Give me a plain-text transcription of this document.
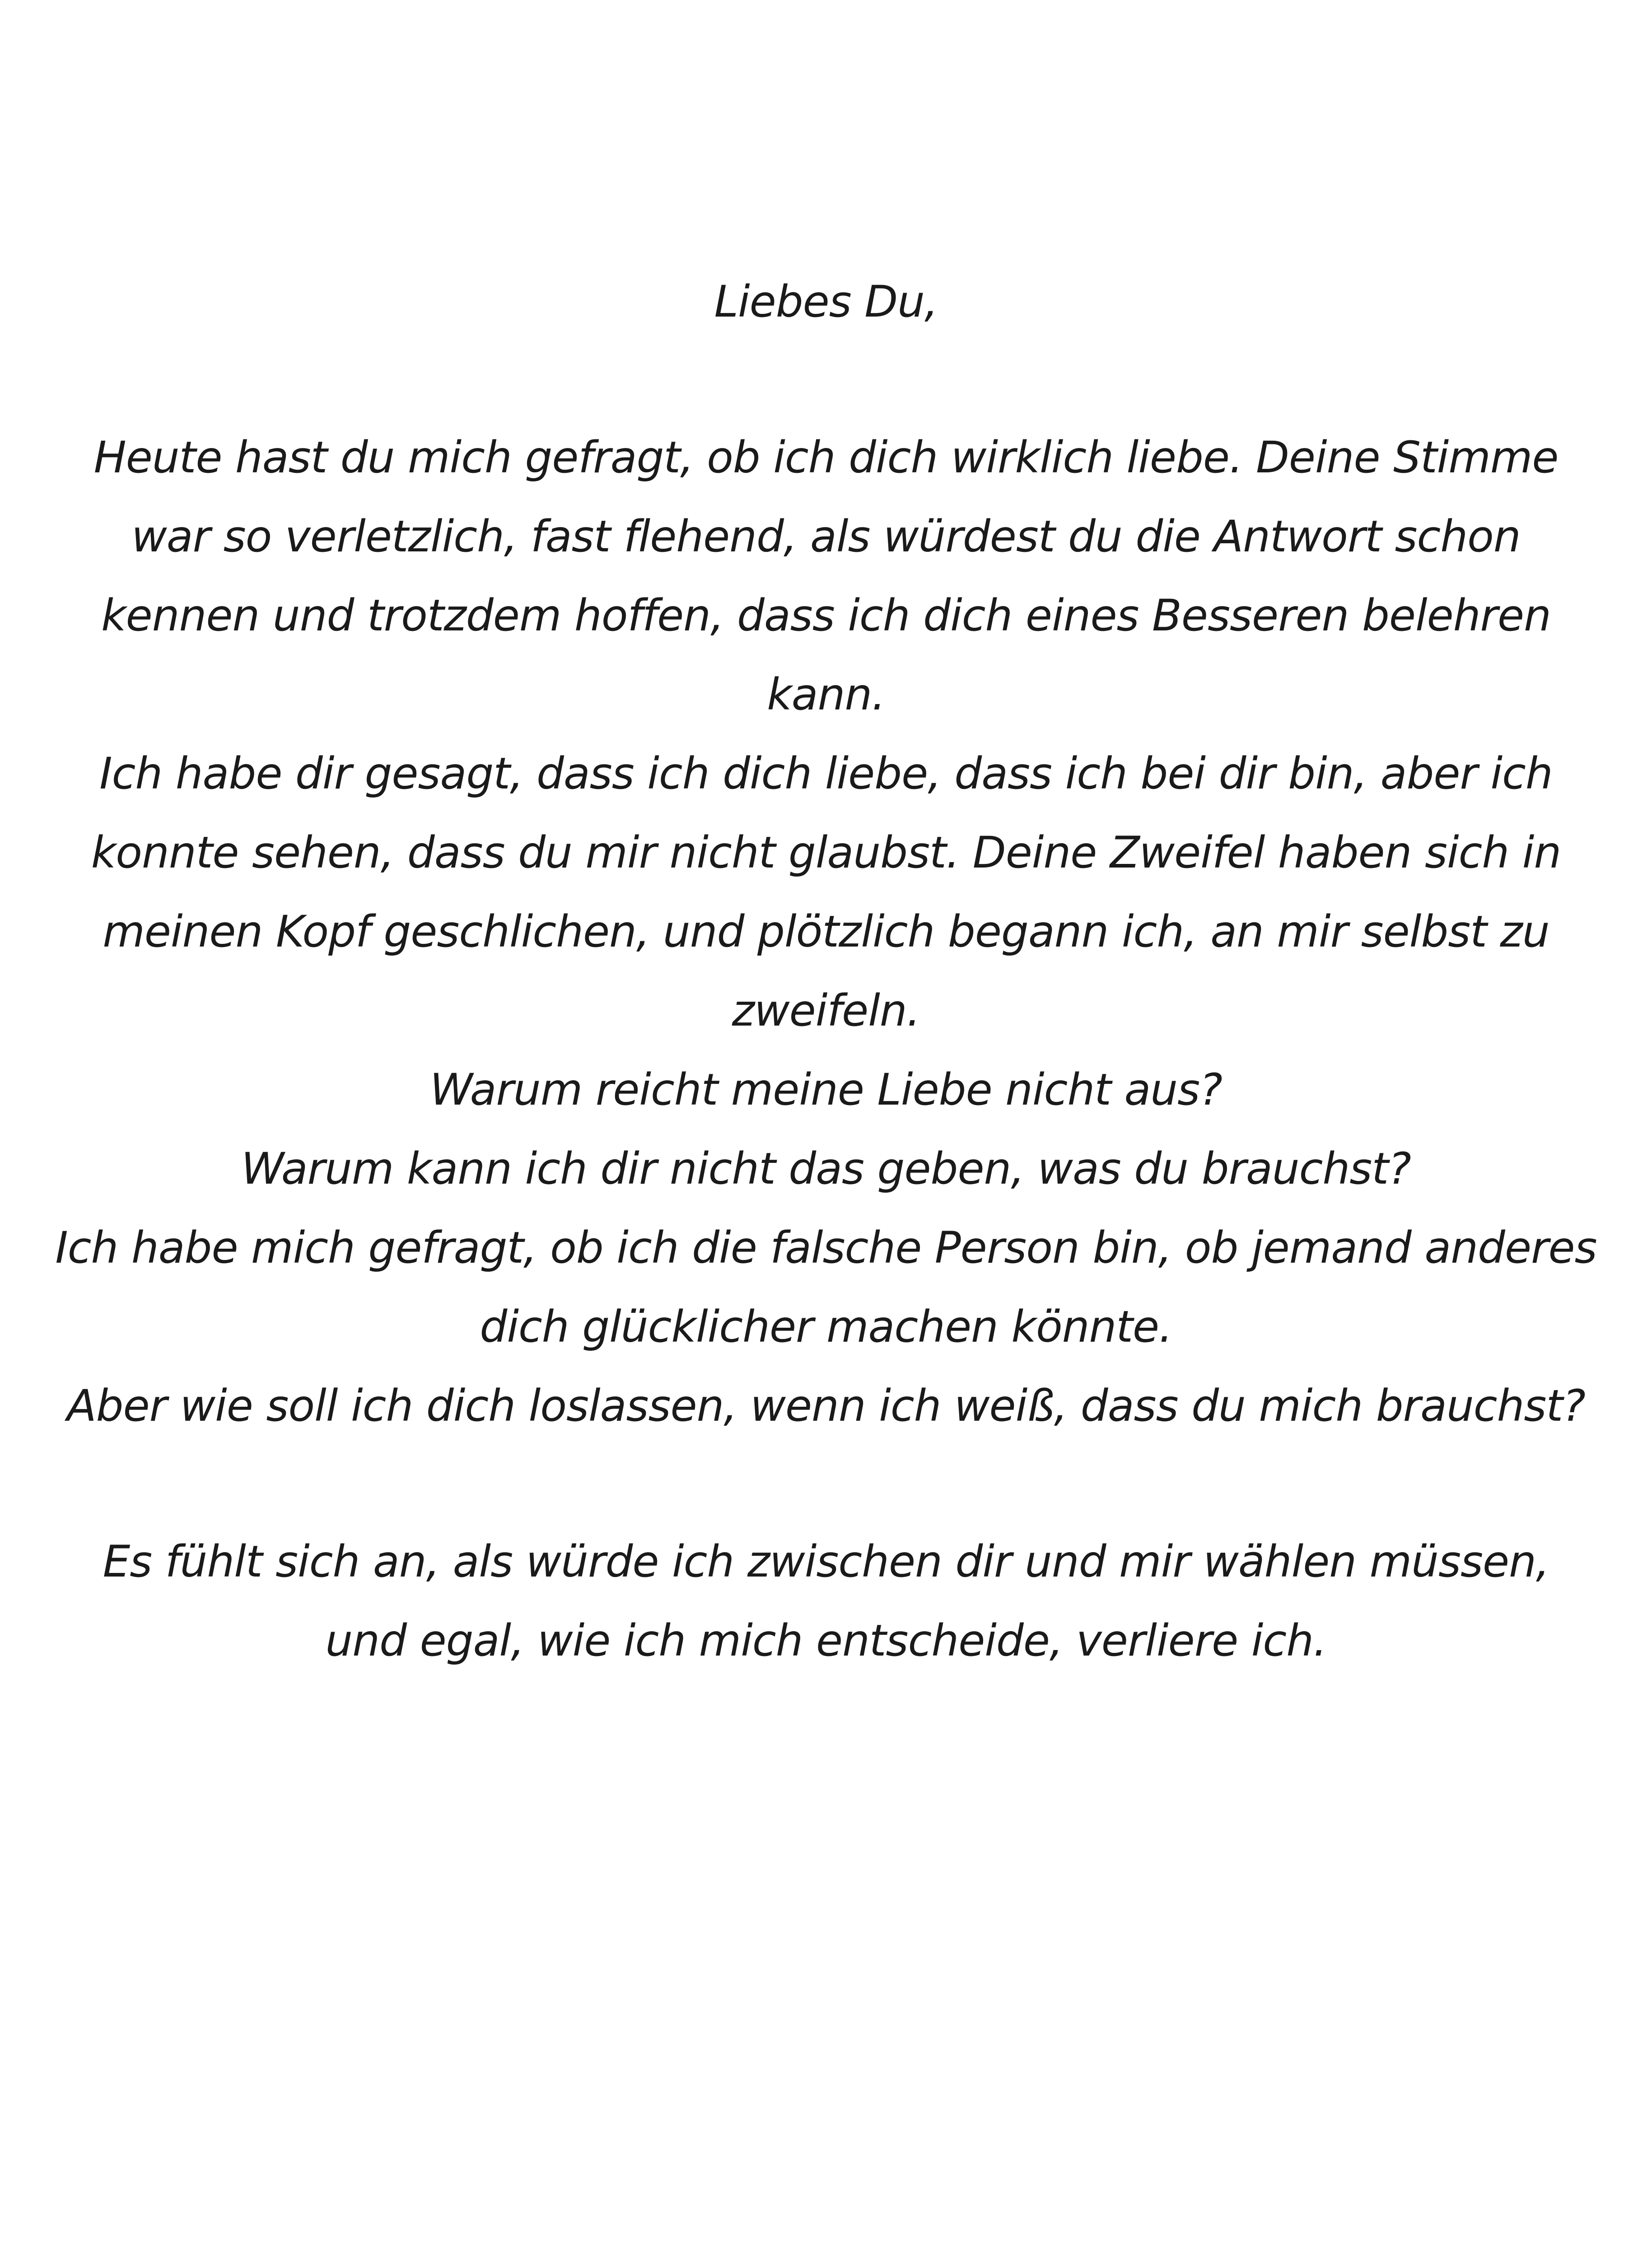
Liebes Du,
Heute hast du mich gefragt, ob ich dich wirklich liebe. Deine Stimme
war so verletzlich, fast flehend, als würdest du die Antwort schon
kennen und trotzdem hoffen, dass ich dich eines Besseren belehren
kann.
Ich habe dir gesagt, dass ich dich liebe, dass ich bei dir bin, aber ich
konnte sehen, dass du mir nicht glaubst. Deine Zweifel haben sich in
meinen Kopf geschlichen, und plötzlich begann ich, an mir selbst zu
zweifeln.
Warum reicht meine Liebe nicht aus?
Warum kann ich dir nicht das geben, was du brauchst?
Ich habe mich gefragt, ob ich die falsche Person bin, ob jemand anderes
dich glücklicher machen könnte.
Aber wie soll ich dich loslassen, wenn ich weiß, dass du mich brauchst?
Es fühlt sich an, als würde ich zwischen dir und mir wählen müssen,
und egal, wie ich mich entscheide, verliere ich.
